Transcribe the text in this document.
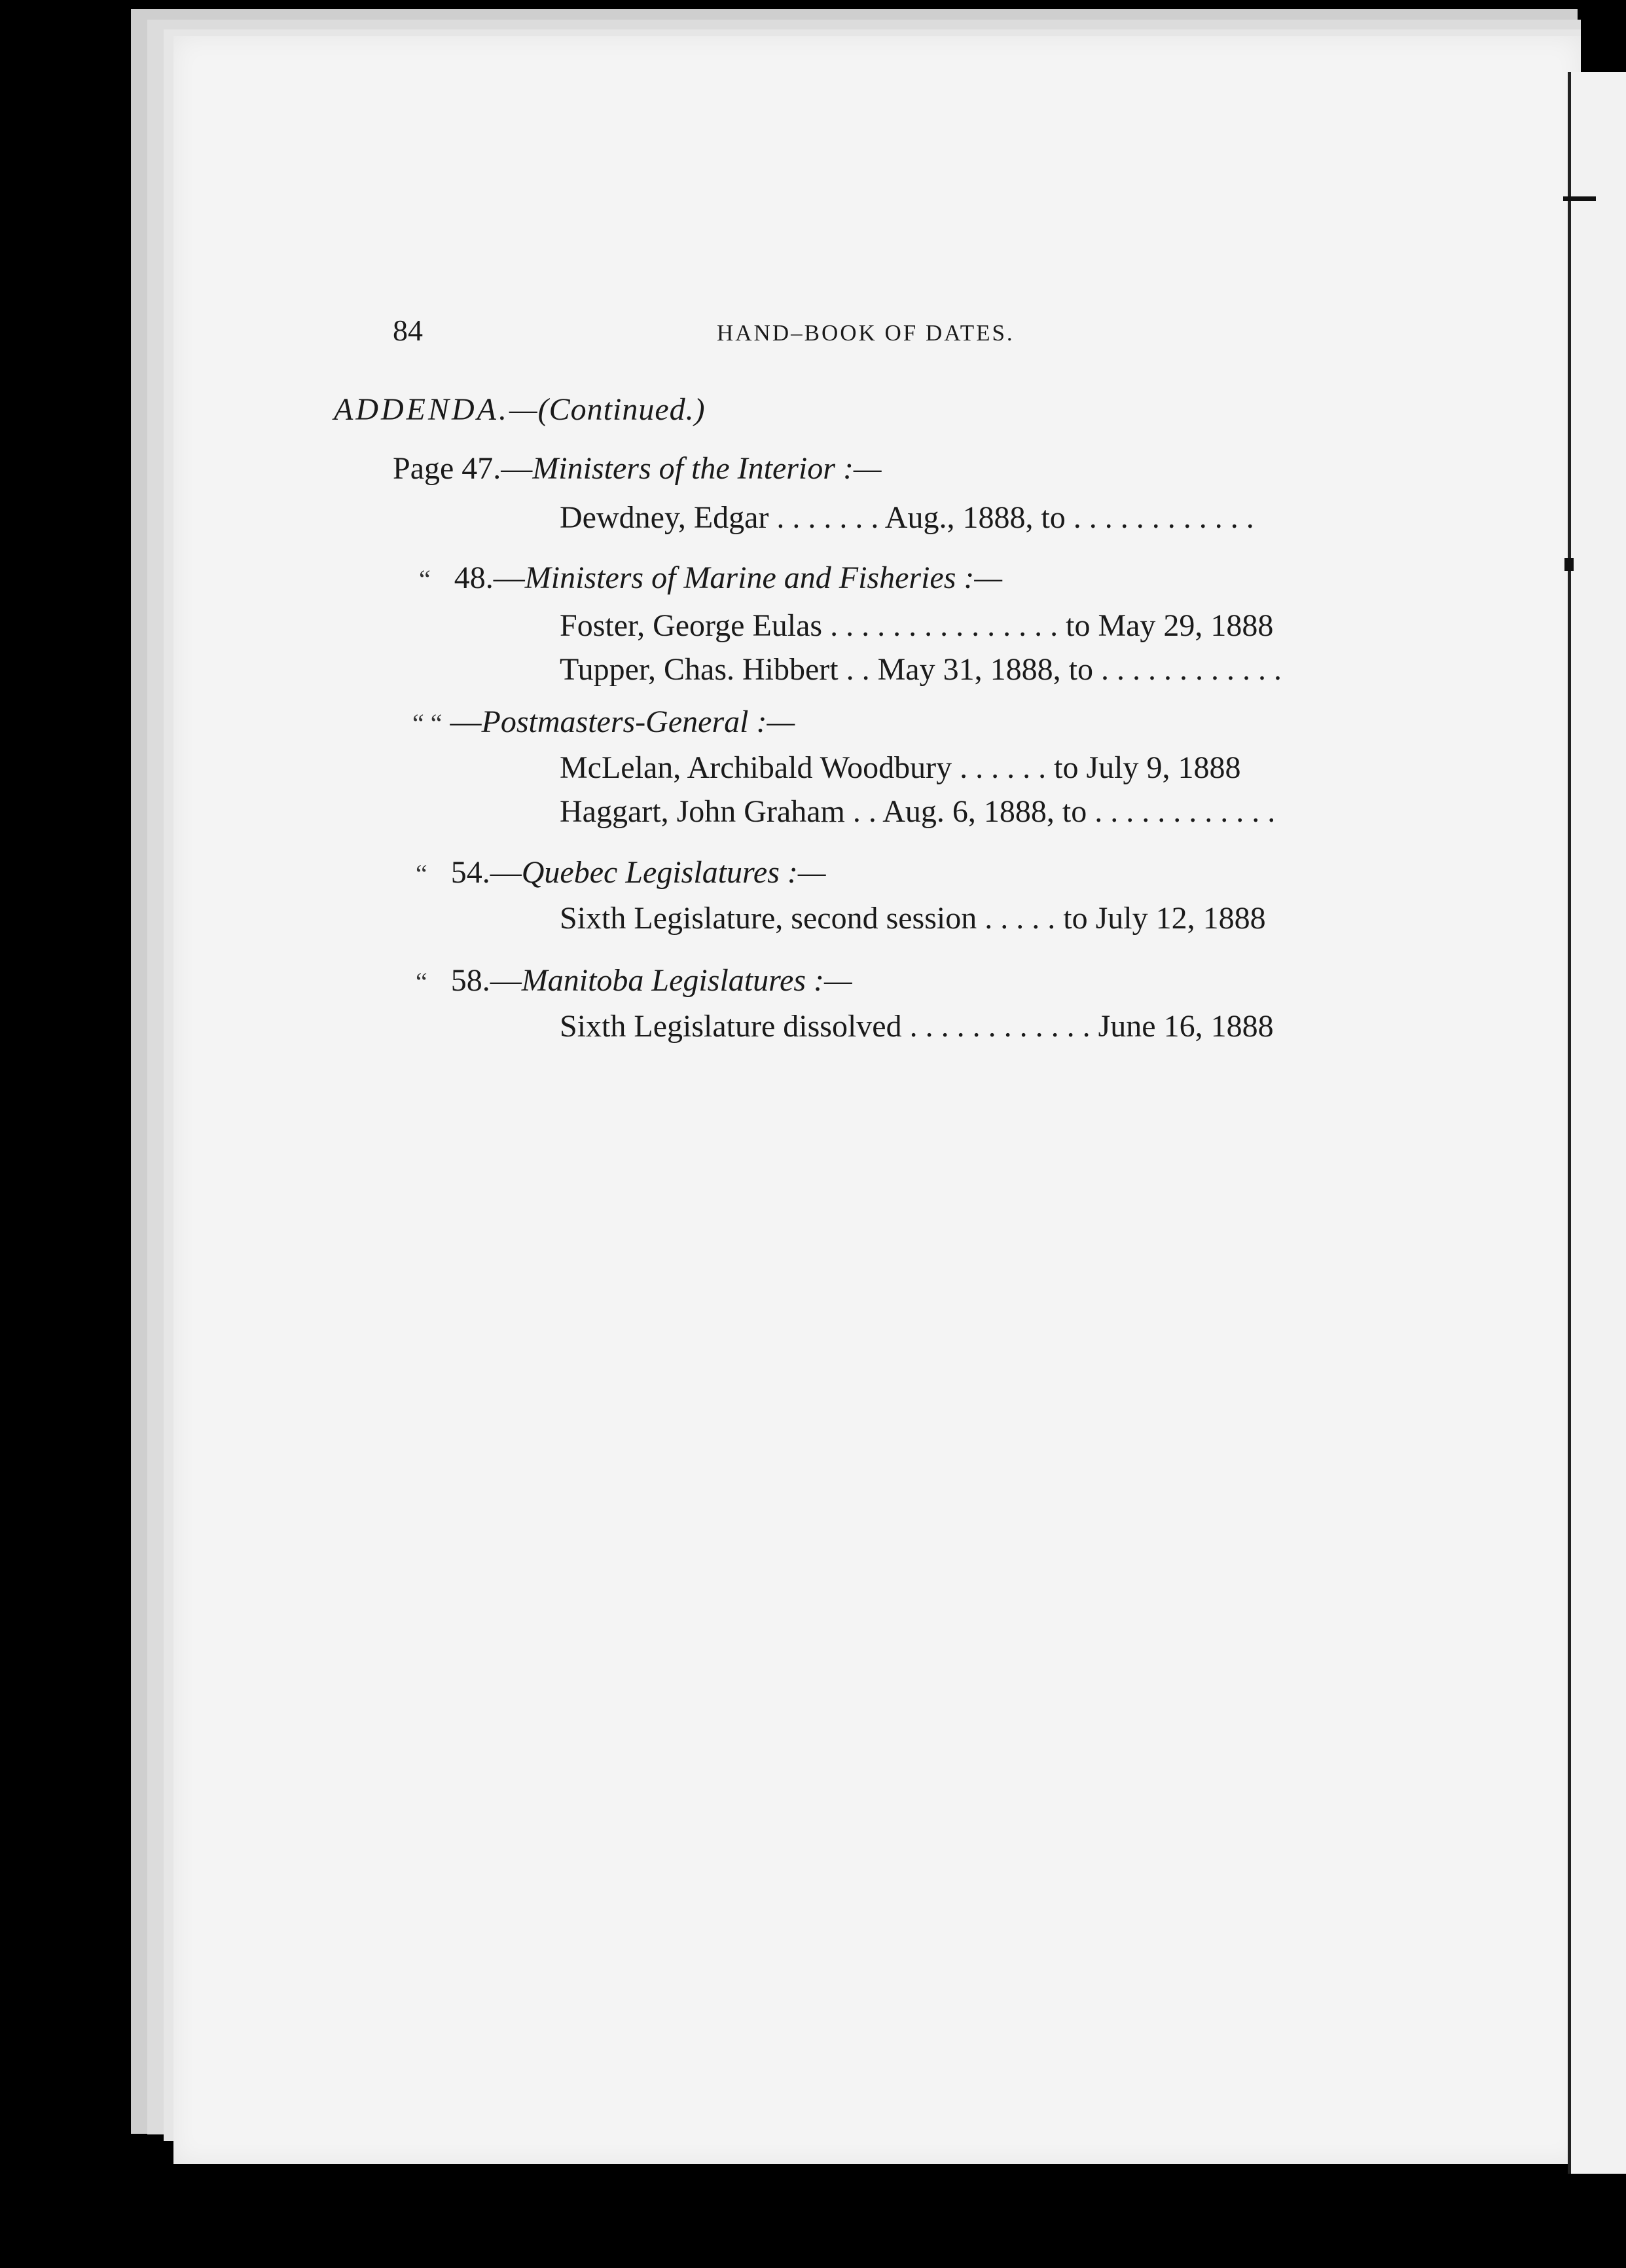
84	HAND–BOOK OF DATES.
ADDENDA.—(Continued.)
Page 47.—Ministers of the Interior :—
Dewdney, Edgar . . . . . . . Aug., 1888, to . . . . . . . . . . . .
“ 48.—Ministers of Marine and Fisheries :—
Foster, George Eulas . . . . . . . . . . . . . . . to May 29, 1888
Tupper, Chas. Hibbert . . May 31, 1888, to . . . . . . . . . . . .
“ “ —Postmasters-General :—
McLelan, Archibald Woodbury . . . . . . to July 9, 1888
Haggart, John Graham . . Aug. 6, 1888, to . . . . . . . . . . . .
“ 54.—Quebec Legislatures :—
Sixth Legislature, second session . . . . . to July 12, 1888
“ 58.—Manitoba Legislatures :—
Sixth Legislature dissolved . . . . . . . . . . . . June 16, 1888
